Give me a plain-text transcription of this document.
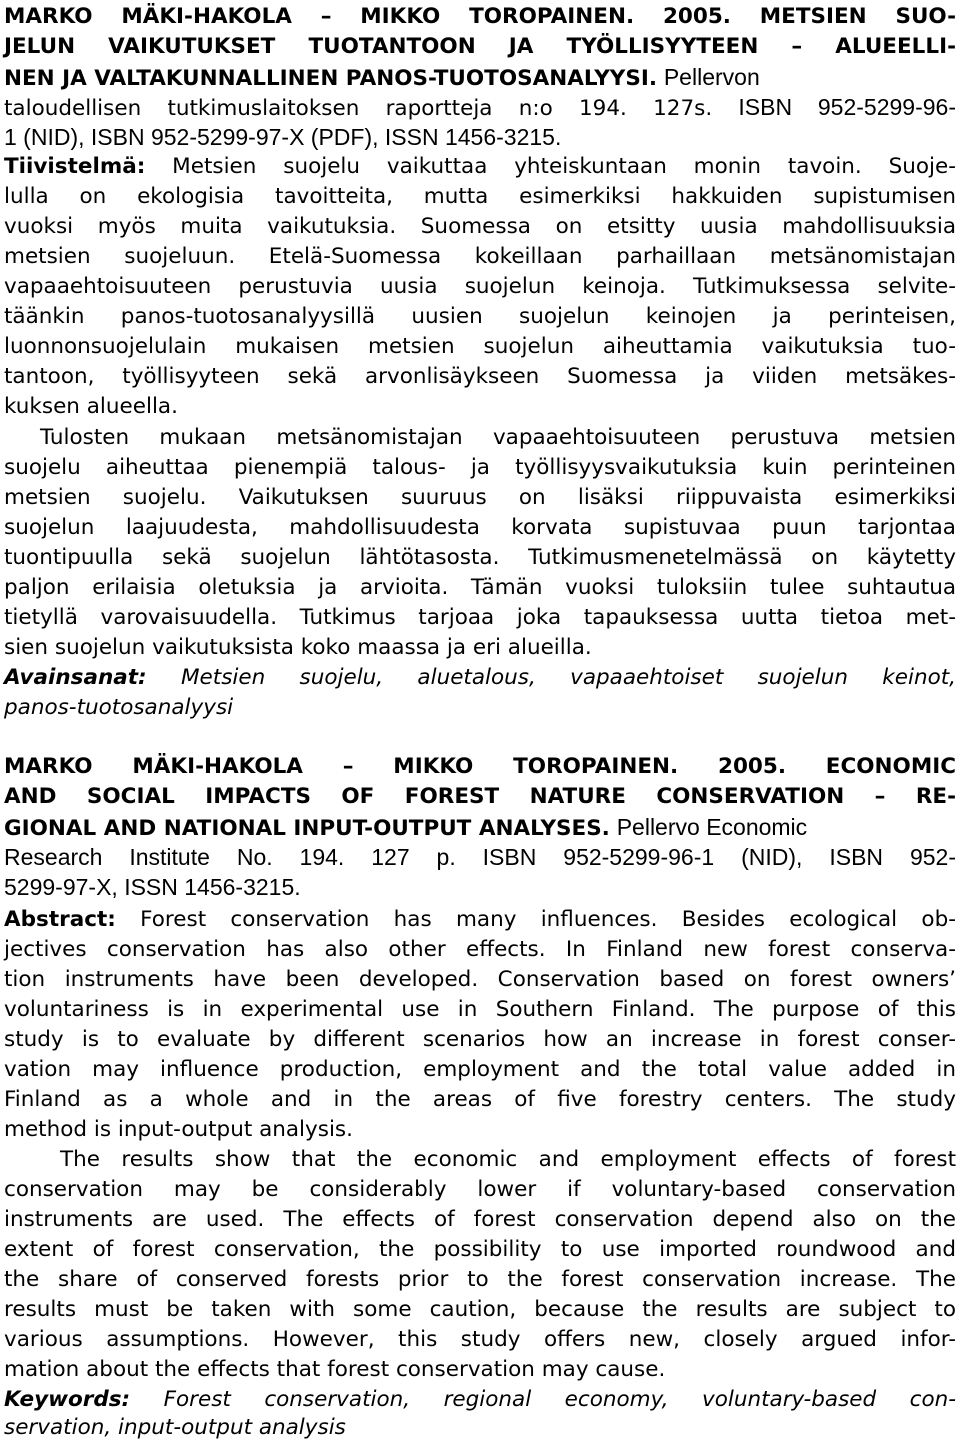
MARKO MÄKI-HAKOLA – MIKKO TOROPAINEN. 2005. METSIEN SUO-
JELUN VAIKUTUKSET TUOTANTOON JA TYÖLLISYYTEEN – ALUEELLI-
NEN JA VALTAKUNNALLINEN PANOS-TUOTOSANALYYSI. Pellervon
taloudellisen tutkimuslaitoksen raportteja n:o 194. 127s. ISBN 952-5299-96-
1 (NID), ISBN 952-5299-97-X (PDF), ISSN 1456-3215.
Tiivistelmä: Metsien suojelu vaikuttaa yhteiskuntaan monin tavoin. Suoje-
lulla on ekologisia tavoitteita, mutta esimerkiksi hakkuiden supistumisen
vuoksi myös muita vaikutuksia. Suomessa on etsitty uusia mahdollisuuksia
metsien suojeluun. Etelä-Suomessa kokeillaan parhaillaan metsänomistajan
vapaaehtoisuuteen perustuvia uusia suojelun keinoja. Tutkimuksessa selvite-
täänkin panos-tuotosanalyysillä uusien suojelun keinojen ja perinteisen,
luonnonsuojelulain mukaisen metsien suojelun aiheuttamia vaikutuksia tuo-
tantoon, työllisyyteen sekä arvonlisäykseen Suomessa ja viiden metsäkes-
kuksen alueella.
Tulosten mukaan metsänomistajan vapaaehtoisuuteen perustuva metsien
suojelu aiheuttaa pienempiä talous- ja työllisyysvaikutuksia kuin perinteinen
metsien suojelu. Vaikutuksen suuruus on lisäksi riippuvaista esimerkiksi
suojelun laajuudesta, mahdollisuudesta korvata supistuvaa puun tarjontaa
tuontipuulla sekä suojelun lähtötasosta. Tutkimusmenetelmässä on käytetty
paljon erilaisia oletuksia ja arvioita. Tämän vuoksi tuloksiin tulee suhtautua
tietyllä varovaisuudella. Tutkimus tarjoaa joka tapauksessa uutta tietoa met-
sien suojelun vaikutuksista koko maassa ja eri alueilla.
Avainsanat: Metsien suojelu, aluetalous, vapaaehtoiset suojelun keinot,
panos-tuotosanalyysi
MARKO MÄKI-HAKOLA – MIKKO TOROPAINEN. 2005. ECONOMIC
AND SOCIAL IMPACTS OF FOREST NATURE CONSERVATION – RE-
GIONAL AND NATIONAL INPUT-OUTPUT ANALYSES. Pellervo Economic
Research Institute No. 194. 127 p. ISBN 952-5299-96-1 (NID), ISBN 952-
5299-97-X, ISSN 1456-3215.
Abstract: Forest conservation has many influences. Besides ecological ob-
jectives conservation has also other effects. In Finland new forest conserva-
tion instruments have been developed. Conservation based on forest owners’
voluntariness is in experimental use in Southern Finland. The purpose of this
study is to evaluate by different scenarios how an increase in forest conser-
vation may influence production, employment and the total value added in
Finland as a whole and in the areas of five forestry centers. The study
method is input-output analysis.
The results show that the economic and employment effects of forest
conservation may be considerably lower if voluntary-based conservation
instruments are used. The effects of forest conservation depend also on the
extent of forest conservation, the possibility to use imported roundwood and
the share of conserved forests prior to the forest conservation increase. The
results must be taken with some caution, because the results are subject to
various assumptions. However, this study offers new, closely argued infor-
mation about the effects that forest conservation may cause.
Keywords: Forest conservation, regional economy, voluntary-based con-
servation, input-output analysis
